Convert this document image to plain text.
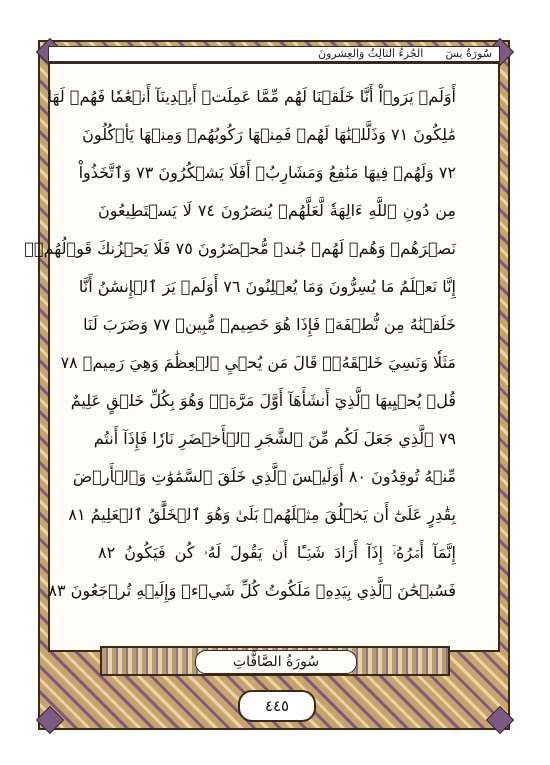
سُورَةُ يسٓ
الجُزءُ الثالِثُ وَالعِشرونَ
أَوَلَمۡ يَرَوۡاْ أَنَّا خَلَقۡنَا لَهُم مِّمَّا عَمِلَتۡ أَيۡدِينَآ أَنۡعَٰمٗا فَهُمۡ لَهَا
مَٰلِكُونَ ٧١ وَذَلَّلۡنَٰهَا لَهُمۡ فَمِنۡهَا رَكُوبُهُمۡ وَمِنۡهَا يَأۡكُلُونَ
٧٢ وَلَهُمۡ فِيهَا مَنَٰفِعُ وَمَشَارِبُۚ أَفَلَا يَشۡكُرُونَ ٧٣ وَٱتَّخَذُواْ
مِن دُونِ ٱللَّهِ ءَالِهَةٗ لَّعَلَّهُمۡ يُنصَرُونَ ٧٤ لَا يَسۡتَطِيعُونَ
نَصۡرَهُمۡ وَهُمۡ لَهُمۡ جُندٞ مُّحۡضَرُونَ ٧٥ فَلَا يَحۡزُنكَ قَوۡلُهُمۡۘ
إِنَّا نَعۡلَمُ مَا يُسِرُّونَ وَمَا يُعۡلِنُونَ ٧٦ أَوَلَمۡ يَرَ ٱلۡإِنسَٰنُ أَنَّا
خَلَقۡنَٰهُ مِن نُّطۡفَةٖ فَإِذَا هُوَ خَصِيمٞ مُّبِينٞ ٧٧ وَضَرَبَ لَنَا
مَثَلٗا وَنَسِيَ خَلۡقَهُۥۖ قَالَ مَن يُحۡيِ ٱلۡعِظَٰمَ وَهِيَ رَمِيمٞ ٧٨
قُلۡ يُحۡيِيهَا ٱلَّذِيٓ أَنشَأَهَآ أَوَّلَ مَرَّةٖۖ وَهُوَ بِكُلِّ خَلۡقٍ عَلِيمٌ
٧٩ ٱلَّذِي جَعَلَ لَكُم مِّنَ ٱلشَّجَرِ ٱلۡأَخۡضَرِ نَارٗا فَإِذَآ أَنتُم
مِّنۡهُ تُوقِدُونَ ٨٠ أَوَلَيۡسَ ٱلَّذِي خَلَقَ ٱلسَّمَٰوَٰتِ وَٱلۡأَرۡضَ
بِقَٰدِرٍ عَلَىٰٓ أَن يَخۡلُقَ مِثۡلَهُمۚ بَلَىٰ وَهُوَ ٱلۡخَلَّٰقُ ٱلۡعَلِيمُ ٨١
إِنَّمَآ أَمۡرُهُۥٓ إِذَآ أَرَادَ شَيۡـًٔا أَن يَقُولَ لَهُۥ كُن فَيَكُونُ ٨٢
فَسُبۡحَٰنَ ٱلَّذِي بِيَدِهِۦ مَلَكُوتُ كُلِّ شَيۡءٖ وَإِلَيۡهِ تُرۡجَعُونَ ٨٣
سُورَةُ الصَّافَّاتِ
٤٤٥
